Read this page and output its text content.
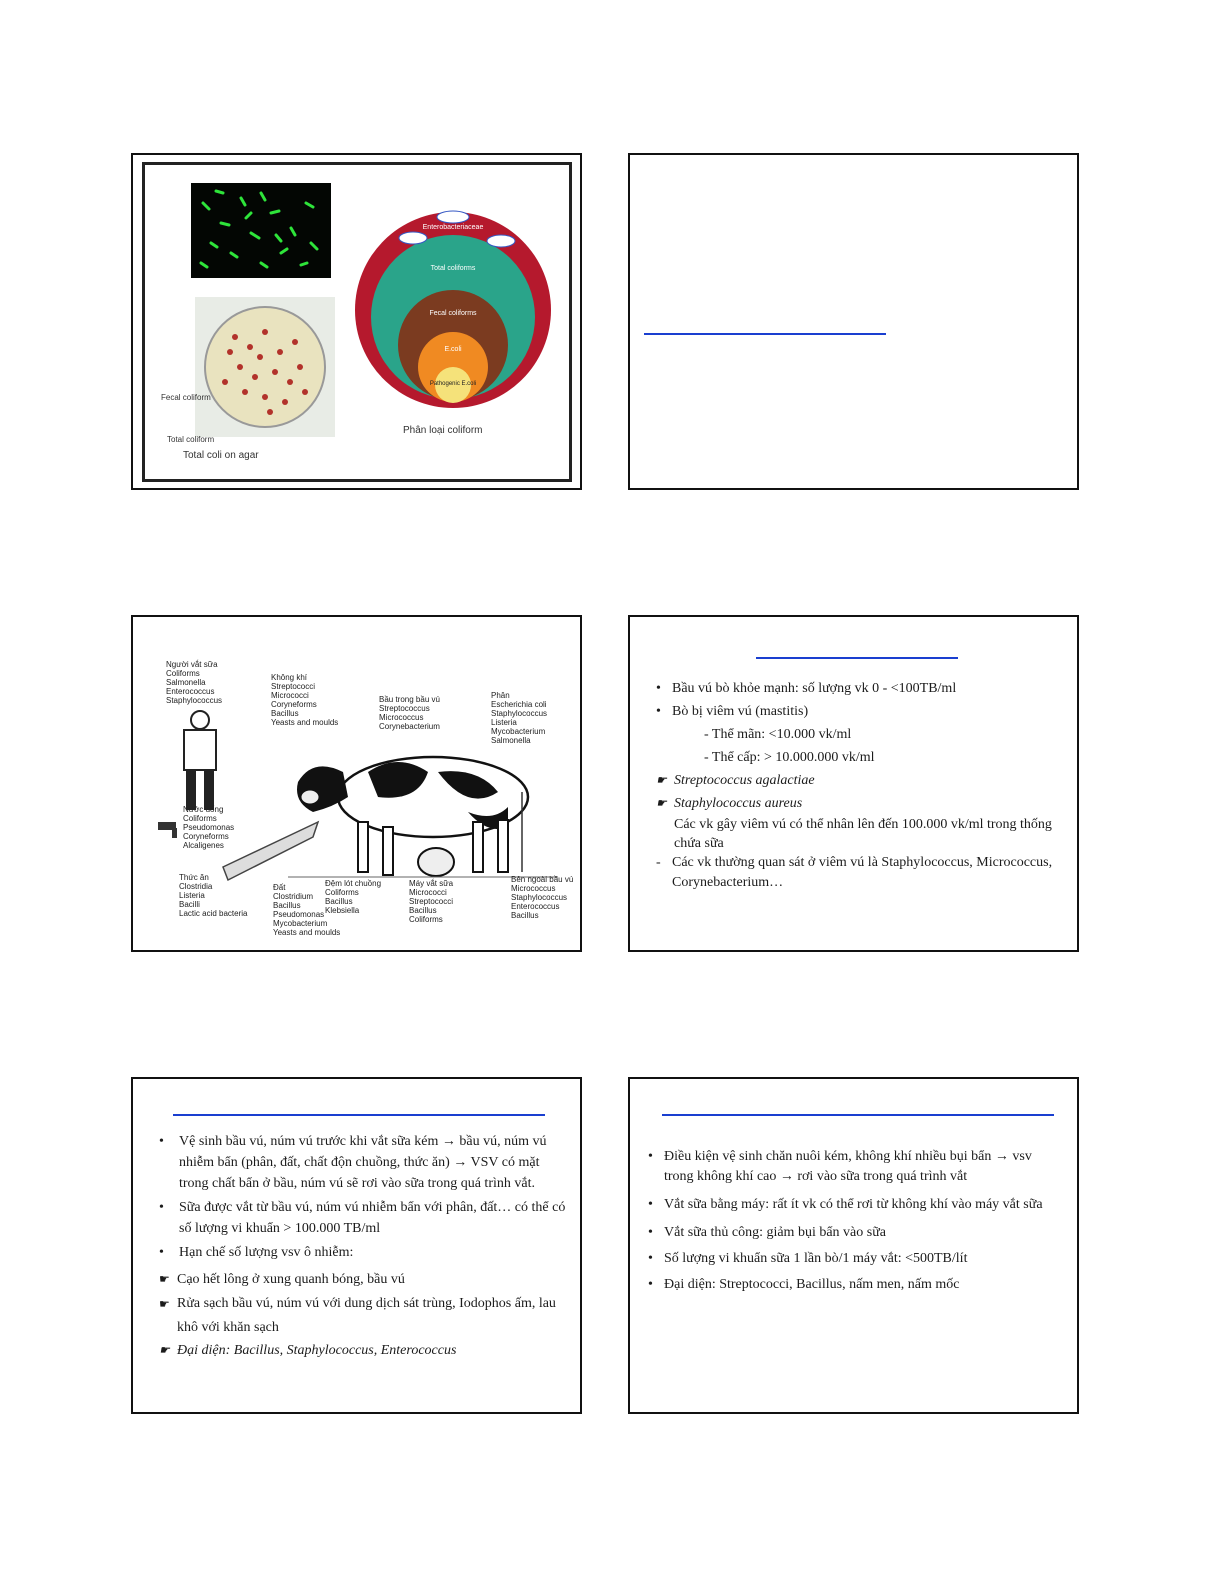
Fecal coliform
Total coliform
Total coli on agar
Enterobacteriaceae
Total coliforms
Fecal coliforms
E.coli
Pathogenic E.coli
Phân loại coliform
Người vắt sữa
Coliforms
Salmonella
Enterococcus
Staphylococcus
Không khí
Streptococci
Micrococci
Coryneforms
Bacillus
Yeasts and moulds
Bầu trong bầu vú
Streptococcus
Micrococcus
Corynebacterium
Phân
Escherichia coli
Staphylococcus
Listeria
Mycobacterium
Salmonella
Nước uống
Coliforms
Pseudomonas
Coryneforms
Alcaligenes
Thức ăn
Clostridia
Listeria
Bacilli
Lactic acid bacteria
Đất
Clostridium
Bacillus
Pseudomonas
Mycobacterium
Yeasts and moulds
Đệm lót chuồng
Coliforms
Bacillus
Klebsiella
Máy vắt sữa
Micrococci
Streptococci
Bacillus
Coliforms
Bên ngoài bầu vú
Micrococcus
Staphylococcus
Enterococcus
Bacillus
• Bầu vú bò khỏe mạnh: số lượng vk 0 - <100TB/ml
• Bò bị viêm vú (mastitis)
- Thể mãn: <10.000 vk/ml
- Thể cấp: > 10.000.000 vk/ml
☛ Streptococcus agalactiae
☛ Staphylococcus aureus
Các vk gây viêm vú có thể nhân lên đến 100.000 vk/ml trong thống chứa sữa
- Các vk thường quan sát ở viêm vú là Staphylococcus, Micrococcus, Corynebacterium…
• Vệ sinh bầu vú, núm vú trước khi vắt sữa kém → bầu vú, núm vú nhiễm bẩn (phân, đất, chất độn chuồng, thức ăn) → VSV có mặt trong chất bẩn ở bầu, núm vú sẽ rơi vào sữa trong quá trình vắt.
• Sữa được vắt từ bầu vú, núm vú nhiễm bẩn với phân, đất… có thể có số lượng vi khuẩn > 100.000 TB/ml
• Hạn chế số lượng vsv ô nhiễm:
☛ Cạo hết lông ở xung quanh bóng, bầu vú
☛ Rửa sạch bầu vú, núm vú với dung dịch sát trùng, Iodophos ấm, lau khô với khăn sạch
☛ Đại diện: Bacillus, Staphylococcus, Enterococcus
• Điều kiện vệ sinh chăn nuôi kém, không khí nhiều bụi bẩn → vsv trong không khí cao → rơi vào sữa trong quá trình vắt
• Vắt sữa bằng máy: rất ít vk có thể rơi từ không khí vào máy vắt sữa
• Vắt sữa thủ công: giảm bụi bẩn vào sữa
• Số lượng vi khuẩn sữa 1 lần bò/1 máy vắt: <500TB/lít
• Đại diện: Streptococci, Bacillus, nấm men, nấm mốc
